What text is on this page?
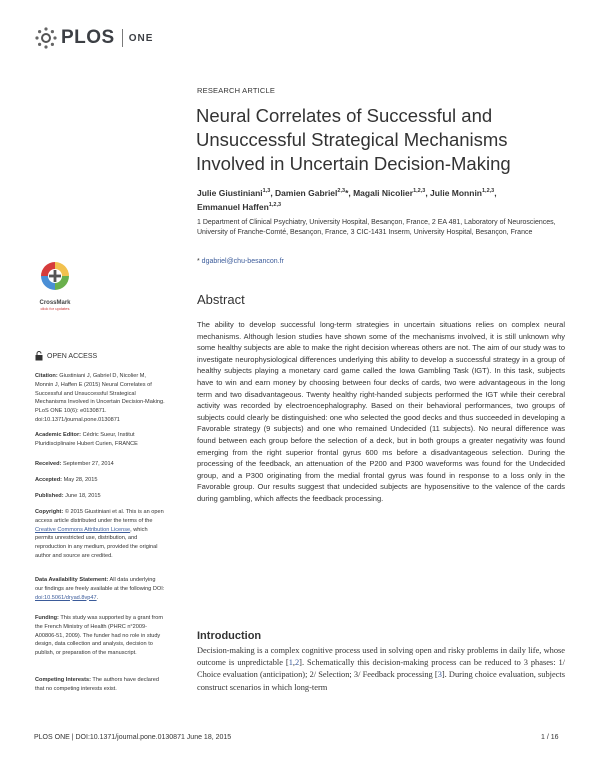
PLOS ONE
RESEARCH ARTICLE
Neural Correlates of Successful and Unsuccessful Strategical Mechanisms Involved in Uncertain Decision-Making
Julie Giustiniani$^{1,3}$, Damien Gabriel$^{2,3}$*, Magali Nicolier$^{1,2,3}$, Julie Monnin$^{1,2,3}$,
Emmanuel Haffen$^{1,2,3}$
1 Department of Clinical Psychiatry, University Hospital, Besançon, France, 2 EA 481, Laboratory of Neurosciences, University of Franche-Comté, Besançon, France, 3 CIC-1431 Inserm, University Hospital, Besançon, France
* dgabriel@chu-besancon.fr
CrossMark
click for updates
Abstract
The ability to develop successful long-term strategies in uncertain situations relies on complex neural mechanisms. Although lesion studies have shown some of the mechanisms involved, it is still unknown why some healthy subjects are able to make the right decision whereas others are not. The aim of our study was to investigate neurophysiological differences underlying this ability to develop a successful strategy in a group of healthy subjects playing a monetary card game called the Iowa Gambling Task (IGT). In this task, subjects have to win and earn money by choosing between four decks of cards, two were advantageous in the long term and two disadvantageous. Twenty healthy right-handed subjects performed the IGT while their cerebral activity was recorded by electroencephalography. Based on their behavioral performances, two groups of subjects could clearly be distinguished: one who selected the good decks and thus succeeded in developing a Favorable strategy (9 subjects) and one who remained Undecided (11 subjects). No neural difference was found between each group before the selection of a deck, but in both groups a greater negativity was found emerging from the right superior frontal gyrus 600 ms before a disadvantageous selection. During the processing of the feedback, an attenuation of the P200 and P300 waveforms was found for the Undecided group, and a P300 originating from the medial frontal gyrus was found in response to a loss only in the Favorable group. Our results suggest that undecided subjects are hyposensitive to the valence of the cards during gambling, which affects the feedback processing.
OPEN ACCESS
Citation: Giustiniani J, Gabriel D, Nicolier M, Monnin J, Haffen E (2015) Neural Correlates of Successful and Unsuccessful Strategical Mechanisms Involved in Uncertain Decision-Making. PLoS ONE 10(6): e0130871. doi:10.1371/journal.pone.0130871
Academic Editor: Cédric Sueur, Institut Pluridisciplinaire Hubert Curien, FRANCE
Received: September 27, 2014
Accepted: May 28, 2015
Published: June 18, 2015
Copyright: © 2015 Giustiniani et al. This is an open access article distributed under the terms of the Creative Commons Attribution License, which permits unrestricted use, distribution, and reproduction in any medium, provided the original author and source are credited.
Data Availability Statement: All data underlying our findings are freely available at the following DOI: doi:10.5061/dryad.8vp47.
Funding: This study was supported by a grant from the French Ministry of Health (PHRC n°2009-A00806-51, 2009). The funder had no role in study design, data collection and analysis, decision to publish, or preparation of the manuscript.
Competing Interests: The authors have declared that no competing interests exist.
Introduction
Decision-making is a complex cognitive process used in solving open and risky problems in daily life, whose outcome is unpredictable [1,2]. Schematically this decision-making process can be reduced to 3 phases: 1/ Choice evaluation (anticipation); 2/ Selection; 3/ Feedback processing [3]. During choice evaluation, subjects construct scenarios in which long-term
PLOS ONE | DOI:10.1371/journal.pone.0130871 June 18, 2015	1 / 16
